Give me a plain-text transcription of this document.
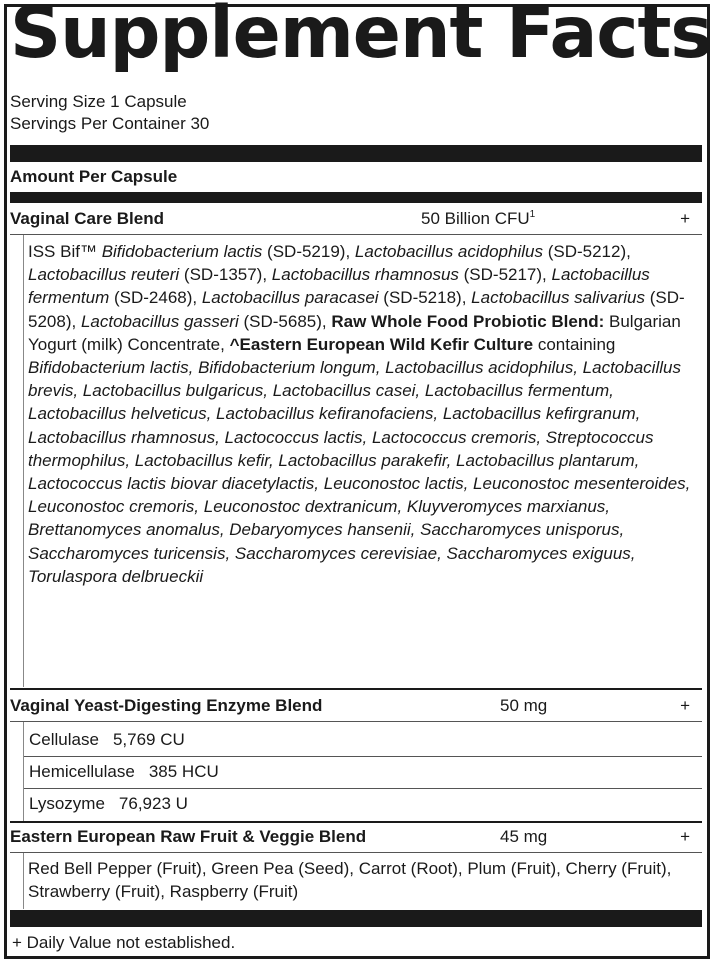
Supplement Facts
Serving Size 1 Capsule
Servings Per Container 30
Amount Per Capsule
Vaginal Care Blend	50 Billion $CFU^1$	+
ISS Bif™ Bifidobacterium lactis (SD-5219), Lactobacillus acidophilus (SD-5212), Lactobacillus reuteri (SD-1357), Lactobacillus rhamnosus (SD-5217), Lactobacillus fermentum (SD-2468), Lactobacillus paracasei (SD-5218), Lactobacillus salivarius (SD-5208), Lactobacillus gasseri (SD-5685), Raw Whole Food Probiotic Blend: Bulgarian Yogurt (milk) Concentrate, ^Eastern European Wild Kefir Culture containing Bifidobacterium lactis, Bifidobacterium longum, Lactobacillus acidophilus, Lactobacillus brevis, Lactobacillus bulgaricus, Lactobacillus casei, Lactobacillus fermentum, Lactobacillus helveticus, Lactobacillus kefiranofaciens, Lactobacillus kefirgranum, Lactobacillus rhamnosus, Lactococcus lactis, Lactococcus cremoris, Streptococcus thermophilus, Lactobacillus kefir, Lactobacillus parakefir, Lactobacillus plantarum, Lactococcus lactis biovar diacetylactis, Leuconostoc lactis, Leuconostoc mesenteroides, Leuconostoc cremoris, Leuconostoc dextranicum, Kluyveromyces marxianus, Brettanomyces anomalus, Debaryomyces hansenii, Saccharomyces unisporus, Saccharomyces turicensis, Saccharomyces cerevisiae, Saccharomyces exiguus, Torulaspora delbrueckii
Vaginal Yeast-Digesting Enzyme Blend	50 mg	+
Cellulase 5,769 CU
Hemicellulase 385 HCU
Lysozyme 76,923 U
Eastern European Raw Fruit & Veggie Blend	45 mg	+
Red Bell Pepper (Fruit), Green Pea (Seed), Carrot (Root), Plum (Fruit), Cherry (Fruit), Strawberry (Fruit), Raspberry (Fruit)
+ Daily Value not established.
